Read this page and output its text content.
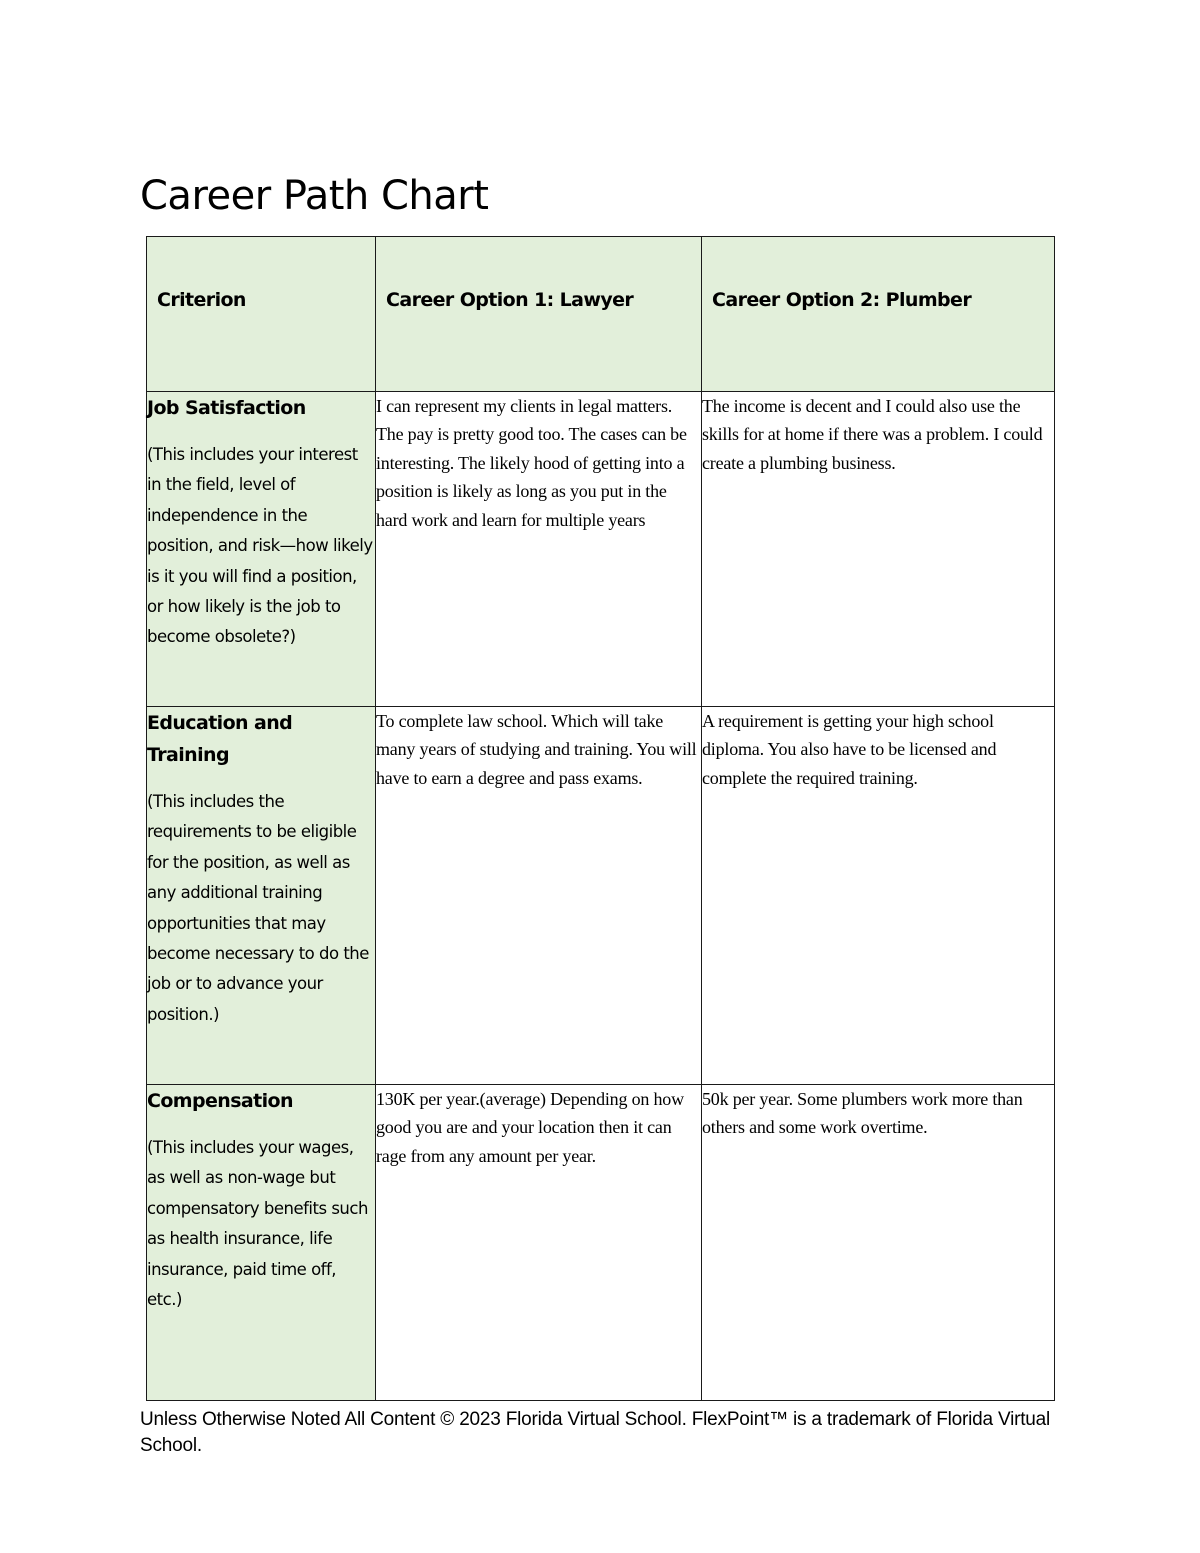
Career Path Chart
Criterion	Career Option 1: Lawyer	Career Option 2: Plumber

Job Satisfaction

(This includes your interest in the field, level of independence in the position, and risk—how likely is it you will find a position, or how likely is the job to become obsolete?)	I can represent my clients in legal matters. The pay is pretty good too. The cases can be interesting. The likely hood of getting into a position is likely as long as you put in the hard work and learn for multiple years	The income is decent and I could also use the skills for at home if there was a problem. I could create a plumbing business.

Education and Training

(This includes the requirements to be eligible for the position, as well as any additional training opportunities that may become necessary to do the job or to advance your position.)	To complete law school. Which will take many years of studying and training. You will have to earn a degree and pass exams.	A requirement is getting your high school diploma. You also have to be licensed and complete the required training.

Compensation

(This includes your wages, as well as non-wage but compensatory benefits such as health insurance, life insurance, paid time off, etc.)	130K per year.(average) Depending on how good you are and your location then it can rage from any amount per year.	50k per year. Some plumbers work more than others and some work overtime.

Unless Otherwise Noted All Content © 2023 Florida Virtual School. FlexPoint™ is a trademark of Florida Virtual School.
